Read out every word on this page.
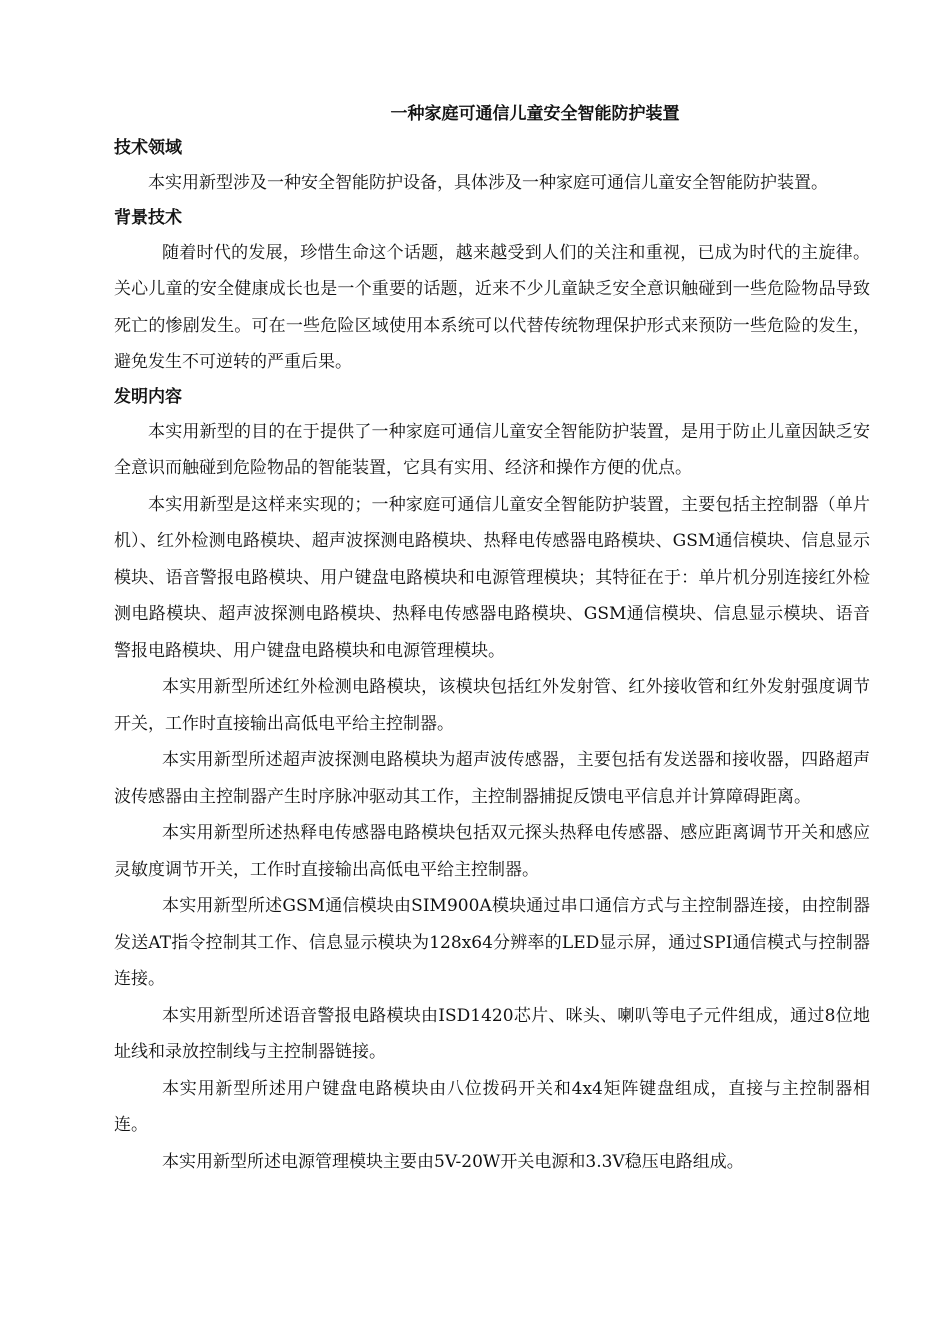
一种家庭可通信儿童安全智能防护装置
技术领域

本实用新型涉及一种安全智能防护设备，具体涉及一种家庭可通信儿童安全智能防护装置。

背景技术

随着时代的发展，珍惜生命这个话题，越来越受到人们的关注和重视，已成为时代的主旋律。关心儿童的安全健康成长也是一个重要的话题，近来不少儿童缺乏安全意识触碰到一些危险物品导致死亡的惨剧发生。可在一些危险区域使用本系统可以代替传统物理保护形式来预防一些危险的发生，避免发生不可逆转的严重后果。

发明内容

本实用新型的目的在于提供了一种家庭可通信儿童安全智能防护装置，是用于防止儿童因缺乏安全意识而触碰到危险物品的智能装置，它具有实用、经济和操作方便的优点。

本实用新型是这样来实现的；一种家庭可通信儿童安全智能防护装置，主要包括主控制器（单片机）、红外检测电路模块、超声波探测电路模块、热释电传感器电路模块、GSM通信模块、信息显示模块、语音警报电路模块、用户键盘电路模块和电源管理模块；其特征在于：单片机分别连接红外检测电路模块、超声波探测电路模块、热释电传感器电路模块、GSM通信模块、信息显示模块、语音警报电路模块、用户键盘电路模块和电源管理模块。

本实用新型所述红外检测电路模块，该模块包括红外发射管、红外接收管和红外发射强度调节开关，工作时直接输出高低电平给主控制器。

本实用新型所述超声波探测电路模块为超声波传感器，主要包括有发送器和接收器，四路超声波传感器由主控制器产生时序脉冲驱动其工作，主控制器捕捉反馈电平信息并计算障碍距离。

本实用新型所述热释电传感器电路模块包括双元探头热释电传感器、感应距离调节开关和感应灵敏度调节开关，工作时直接输出高低电平给主控制器。

本实用新型所述GSM通信模块由SIM900A模块通过串口通信方式与主控制器连接，由控制器发送AT指令控制其工作、信息显示模块为128x64分辨率的LED显示屏，通过SPI通信模式与控制器连接。

本实用新型所述语音警报电路模块由ISD1420芯片、咪头、喇叭等电子元件组成，通过8位地址线和录放控制线与主控制器链接。

本实用新型所述用户键盘电路模块由八位拨码开关和4x4矩阵键盘组成，直接与主控制器相连。

本实用新型所述电源管理模块主要由5V-20W开关电源和3.3V稳压电路组成。
